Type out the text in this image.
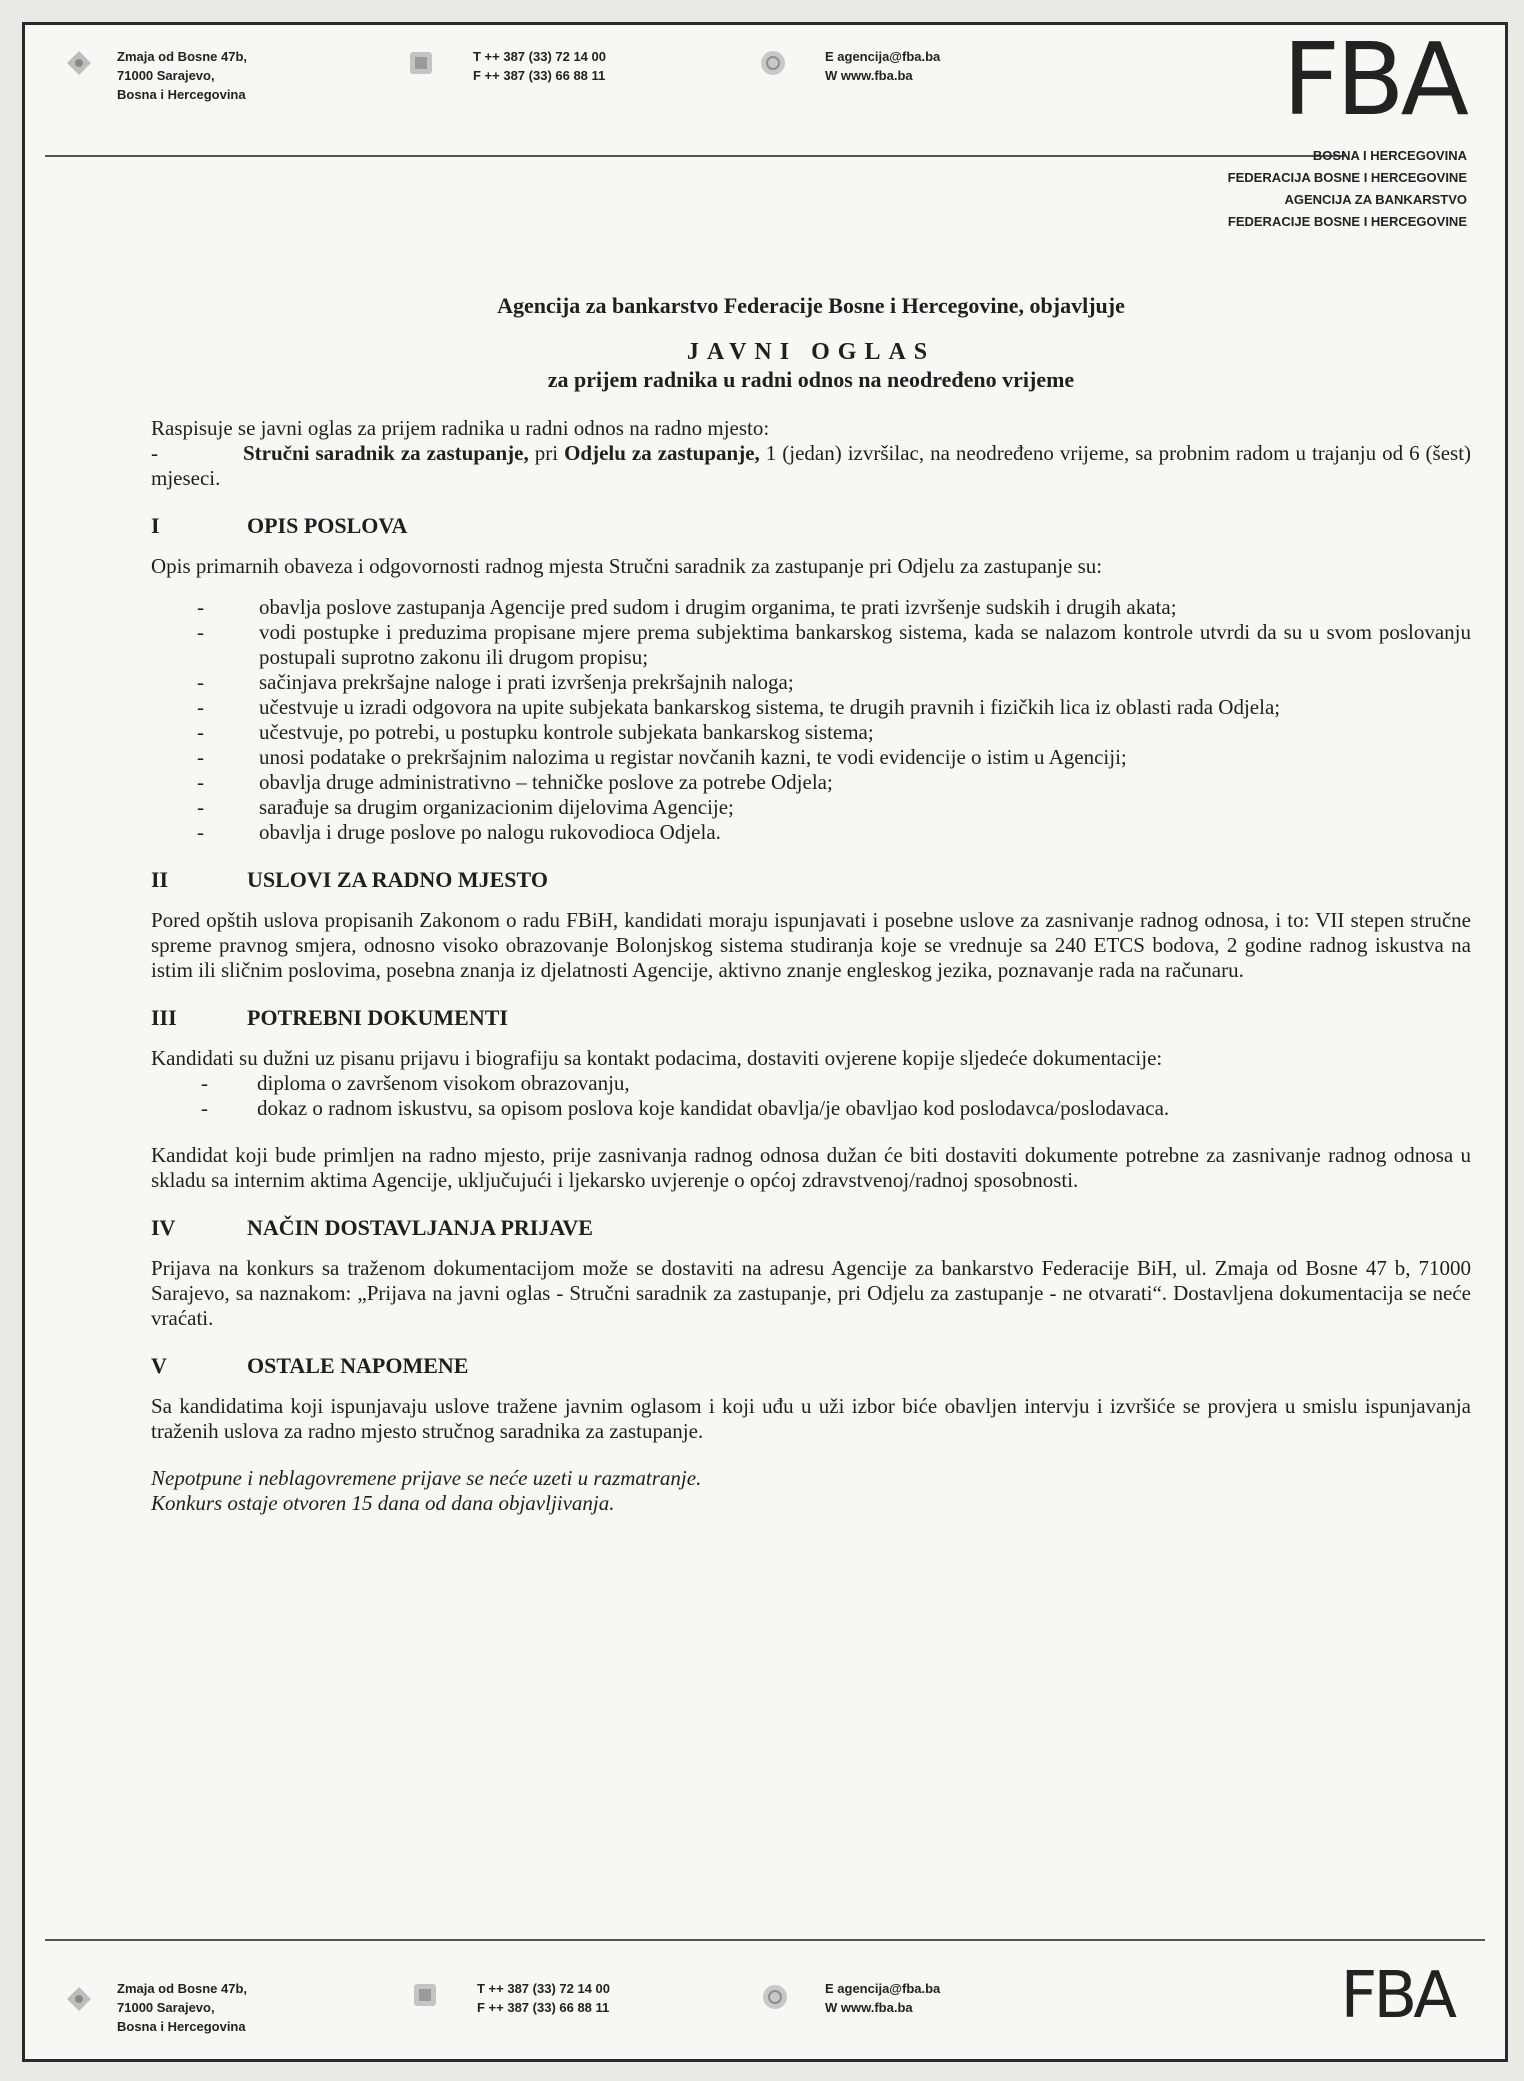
Zmaja od Bosne 47b,
71000 Sarajevo,
Bosna i Hercegovina
T ++ 387 (33) 72 14 00
F ++ 387 (33) 66 88 11
E agencija@fba.ba
W www.fba.ba	FBA
BOSNA I HERCEGOVINA
FEDERACIJA BOSNE I HERCEGOVINE
AGENCIJA ZA BANKARSTVO
FEDERACIJE BOSNE I HERCEGOVINE
Agencija za bankarstvo Federacije Bosne i Hercegovine, objavljuje
JAVNI OGLAS
za prijem radnika u radni odnos na neodređeno vrijeme

Raspisuje se javni oglas za prijem radnika u radni odnos na radno mjesto:

-	Stručni saradnik za zastupanje, pri Odjelu za zastupanje, 1 (jedan) izvršilac, na neodređeno vrijeme, sa probnim radom u trajanju od 6 (šest) mjeseci.

I	OPIS POSLOVA

Opis primarnih obaveza i odgovornosti radnog mjesta Stručni saradnik za zastupanje pri Odjelu za zastupanje su:

-	obavlja poslove zastupanja Agencije pred sudom i drugim organima, te prati izvršenje sudskih i drugih akata;
-	vodi postupke i preduzima propisane mjere prema subjektima bankarskog sistema, kada se nalazom kontrole utvrdi da su u svom poslovanju postupali suprotno zakonu ili drugom propisu;
-	sačinjava prekršajne naloge i prati izvršenja prekršajnih naloga;
-	učestvuje u izradi odgovora na upite subjekata bankarskog sistema, te drugih pravnih i fizičkih lica iz oblasti rada Odjela;
-	učestvuje, po potrebi, u postupku kontrole subjekata bankarskog sistema;
-	unosi podatake o prekršajnim nalozima u registar novčanih kazni, te vodi evidencije o istim u Agenciji;
-	obavlja druge administrativno – tehničke poslove za potrebe Odjela;
-	sarađuje sa drugim organizacionim dijelovima Agencije;
-	obavlja i druge poslove po nalogu rukovodioca Odjela.
II	USLOVI ZA RADNO MJESTO

Pored opštih uslova propisanih Zakonom o radu FBiH, kandidati moraju ispunjavati i posebne uslove za zasnivanje radnog odnosa, i to: VII stepen stručne spreme pravnog smjera, odnosno visoko obrazovanje Bolonjskog sistema studiranja koje se vrednuje sa 240 ETCS bodova, 2 godine radnog iskustva na istim ili sličnim poslovima, posebna znanja iz djelatnosti Agencije, aktivno znanje engleskog jezika, poznavanje rada na računaru.

III	POTREBNI DOKUMENTI

Kandidati su dužni uz pisanu prijavu i biografiju sa kontakt podacima, dostaviti ovjerene kopije sljedeće dokumentacije:

-	diploma o završenom visokom obrazovanju,
-	dokaz o radnom iskustvu, sa opisom poslova koje kandidat obavlja/je obavljao kod poslodavca/poslodavaca.

Kandidat koji bude primljen na radno mjesto, prije zasnivanja radnog odnosa dužan će biti dostaviti dokumente potrebne za zasnivanje radnog odnosa u skladu sa internim aktima Agencije, uključujući i ljekarsko uvjerenje o općoj zdravstvenoj/radnoj sposobnosti.

IV	NAČIN DOSTAVLJANJA PRIJAVE

Prijava na konkurs sa traženom dokumentacijom može se dostaviti na adresu Agencije za bankarstvo Federacije BiH, ul. Zmaja od Bosne 47 b, 71000 Sarajevo, sa naznakom: „Prijava na javni oglas - Stručni saradnik za zastupanje, pri Odjelu za zastupanje - ne otvarati“. Dostavljena dokumentacija se neće vraćati.

V	OSTALE NAPOMENE

Sa kandidatima koji ispunjavaju uslove tražene javnim oglasom i koji uđu u uži izbor biće obavljen intervju i izvršiće se provjera u smislu ispunjavanja traženih uslova za radno mjesto stručnog saradnika za zastupanje.

Nepotpune i neblagovremene prijave se neće uzeti u razmatranje.

Konkurs ostaje otvoren 15 dana od dana objavljivanja.

Zmaja od Bosne 47b,
71000 Sarajevo,
Bosna i Hercegovina
T ++ 387 (33) 72 14 00
F ++ 387 (33) 66 88 11
E agencija@fba.ba
W www.fba.ba	FBA
